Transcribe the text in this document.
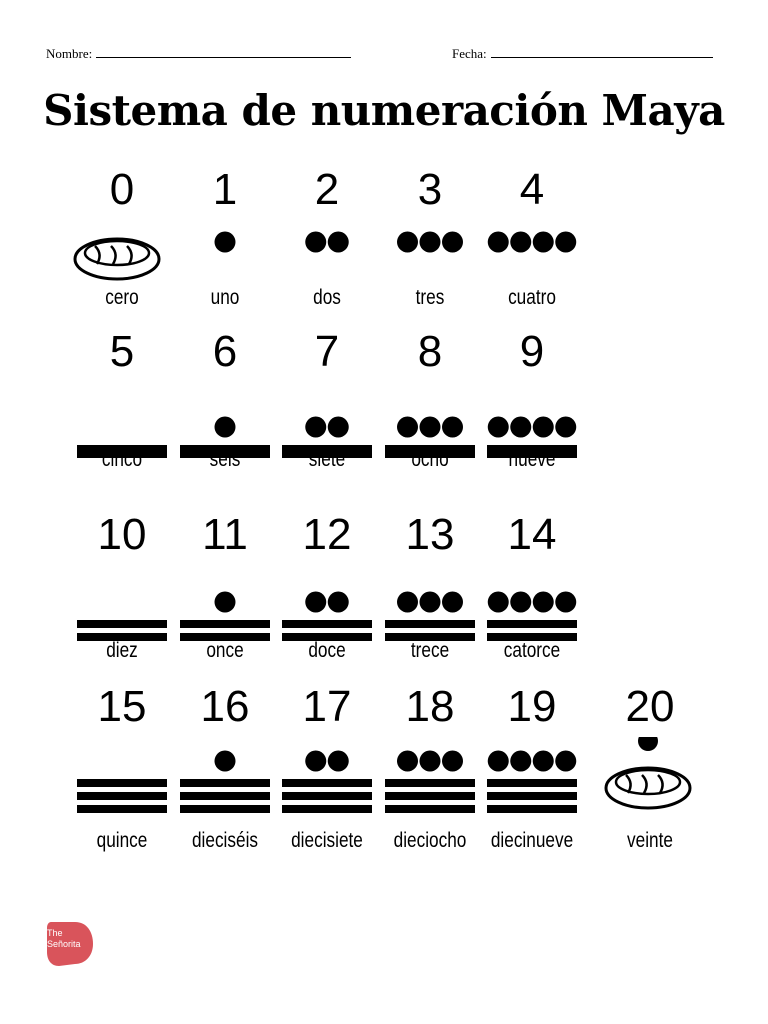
Nombre:	Fecha:
Sistema de numeración Maya
0
cero
1
uno
2
dos
3
tres
4
cuatro
5
cinco
6
seis
7
siete
8
ocho
9
nueve
10
diez
11
once
12
doce
13
trece
14
catorce
15
quince
16
dieciséis
17
diecisiete
18
dieciocho
19
diecinueve
20
veinte
The
Señorita
